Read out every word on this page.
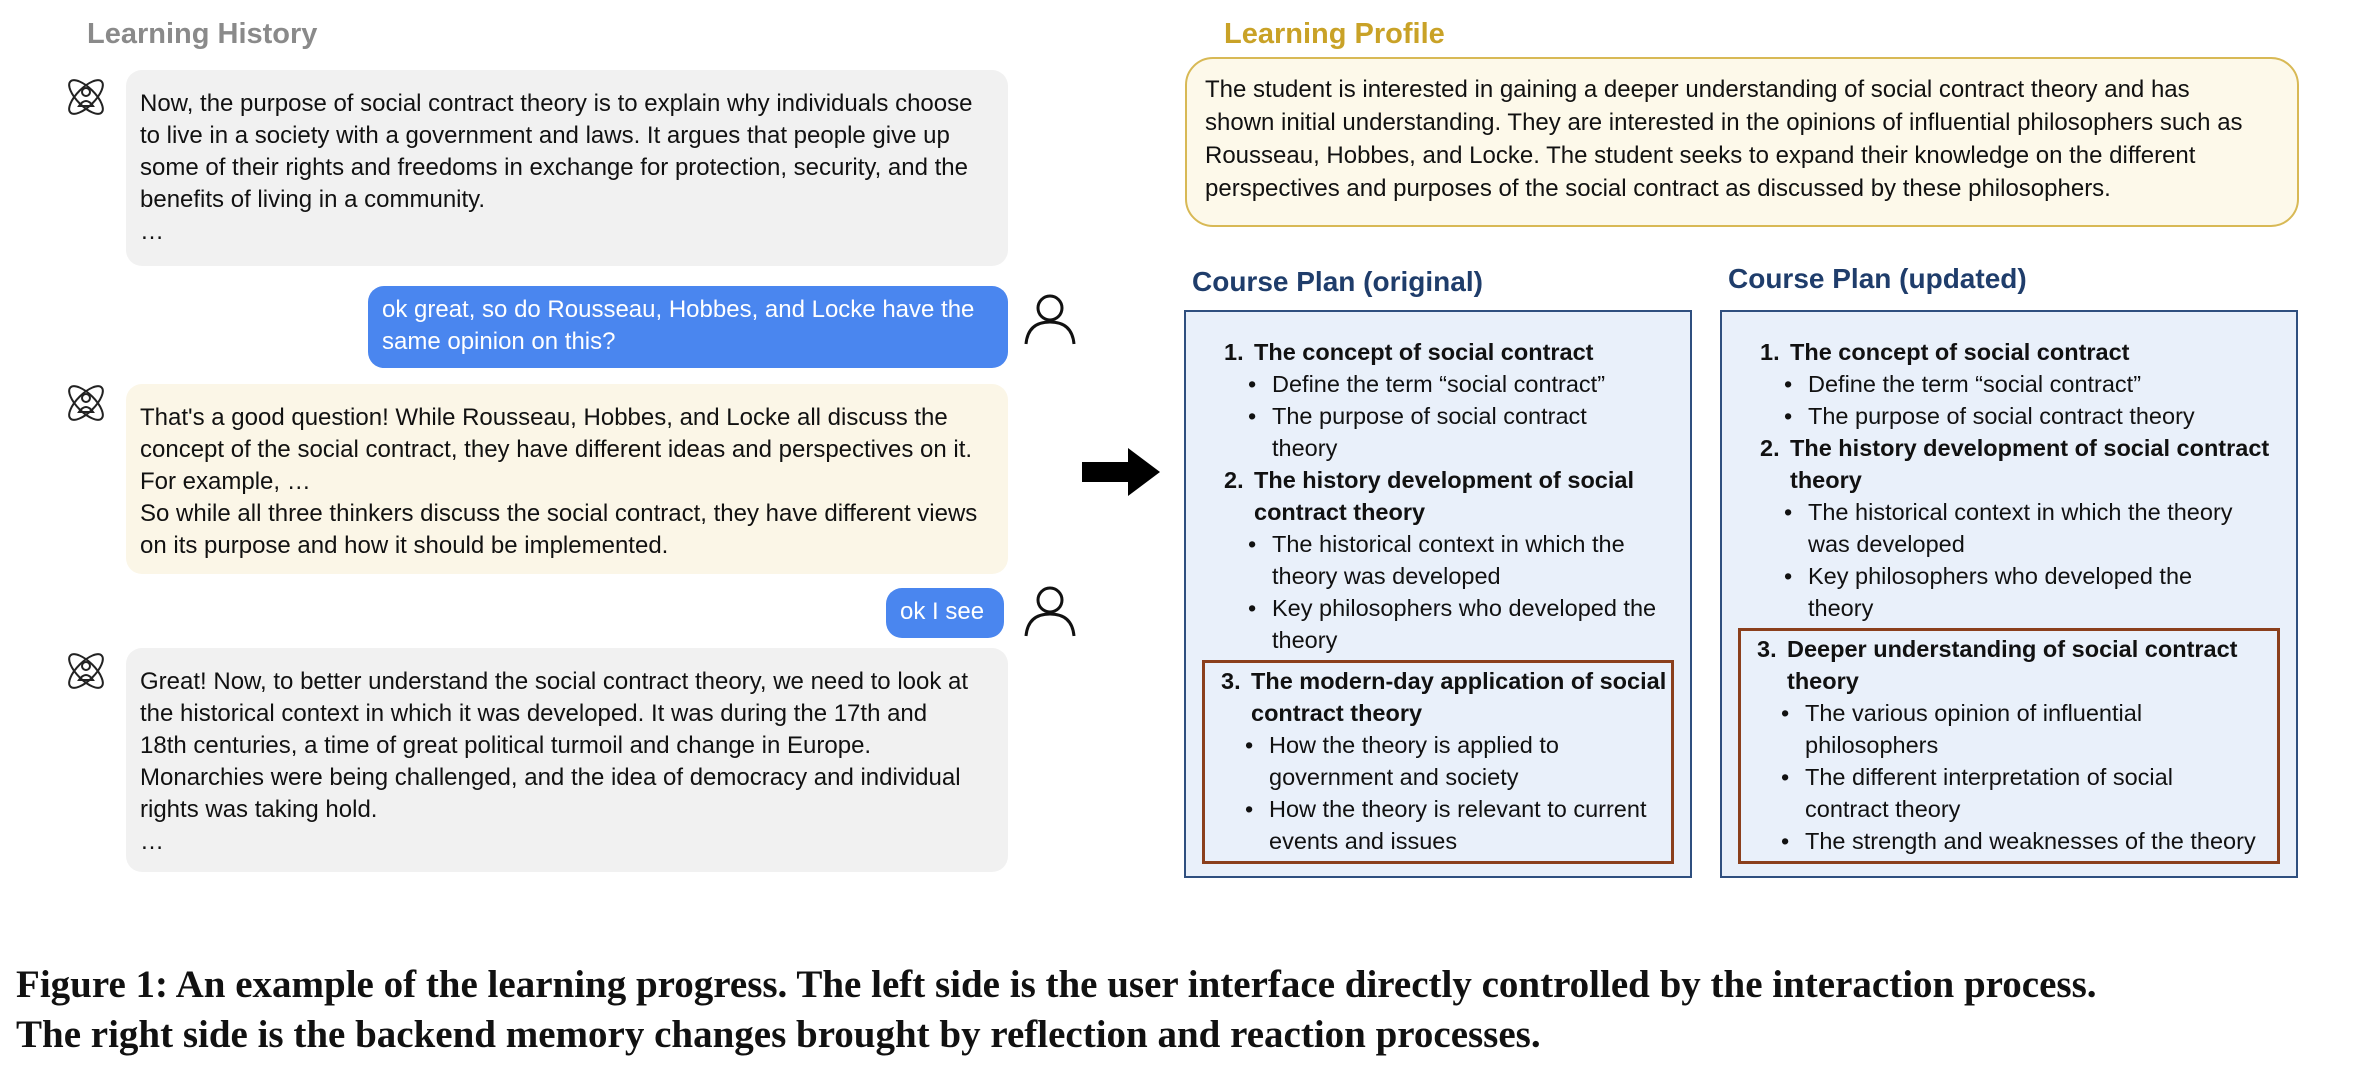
Learning History

Now, the purpose of social contract theory is to explain why individuals choose

to live in a society with a government and laws. It argues that people give up

some of their rights and freedoms in exchange for protection, security, and the

benefits of living in a community.

…

ok great, so do Rousseau, Hobbes, and Locke have the

same opinion on this?

That's a good question! While Rousseau, Hobbes, and Locke all discuss the

concept of the social contract, they have different ideas and perspectives on it.

For example, …

So while all three thinkers discuss the social contract, they have different views

on its purpose and how it should be implemented.

ok I see

Great! Now, to better understand the social contract theory, we need to look at

the historical context in which it was developed. It was during the 17th and

18th centuries, a time of great political turmoil and change in Europe.

Monarchies were being challenged, and the idea of democracy and individual

rights was taking hold.

…

Learning Profile
The student is interested in gaining a deeper understanding of social contract theory and has
shown initial understanding. They are interested in the opinions of influential philosophers such as
Rousseau, Hobbes, and Locke. The student seeks to expand their knowledge on the different
perspectives and purposes of the social contract as discussed by these philosophers.
Course Plan (original)
1. The concept of social contract
• Define the term “social contract”
• The purpose of social contract
theory
2. The history development of social
contract theory
• The historical context in which the
theory was developed
• Key philosophers who developed the
theory
3. The modern-day application of social
contract theory
• How the theory is applied to
government and society
• How the theory is relevant to current
events and issues
Course Plan (updated)
1. The concept of social contract
• Define the term “social contract”
• The purpose of social contract theory
2. The history development of social contract
theory
• The historical context in which the theory
was developed
• Key philosophers who developed the
theory
3. Deeper understanding of social contract
theory
• The various opinion of influential
philosophers
• The different interpretation of social
contract theory
• The strength and weaknesses of the theory
Figure 1: An example of the learning progress. The left side is the user interface directly controlled by the interaction process.
The right side is the backend memory changes brought by reflection and reaction processes.
